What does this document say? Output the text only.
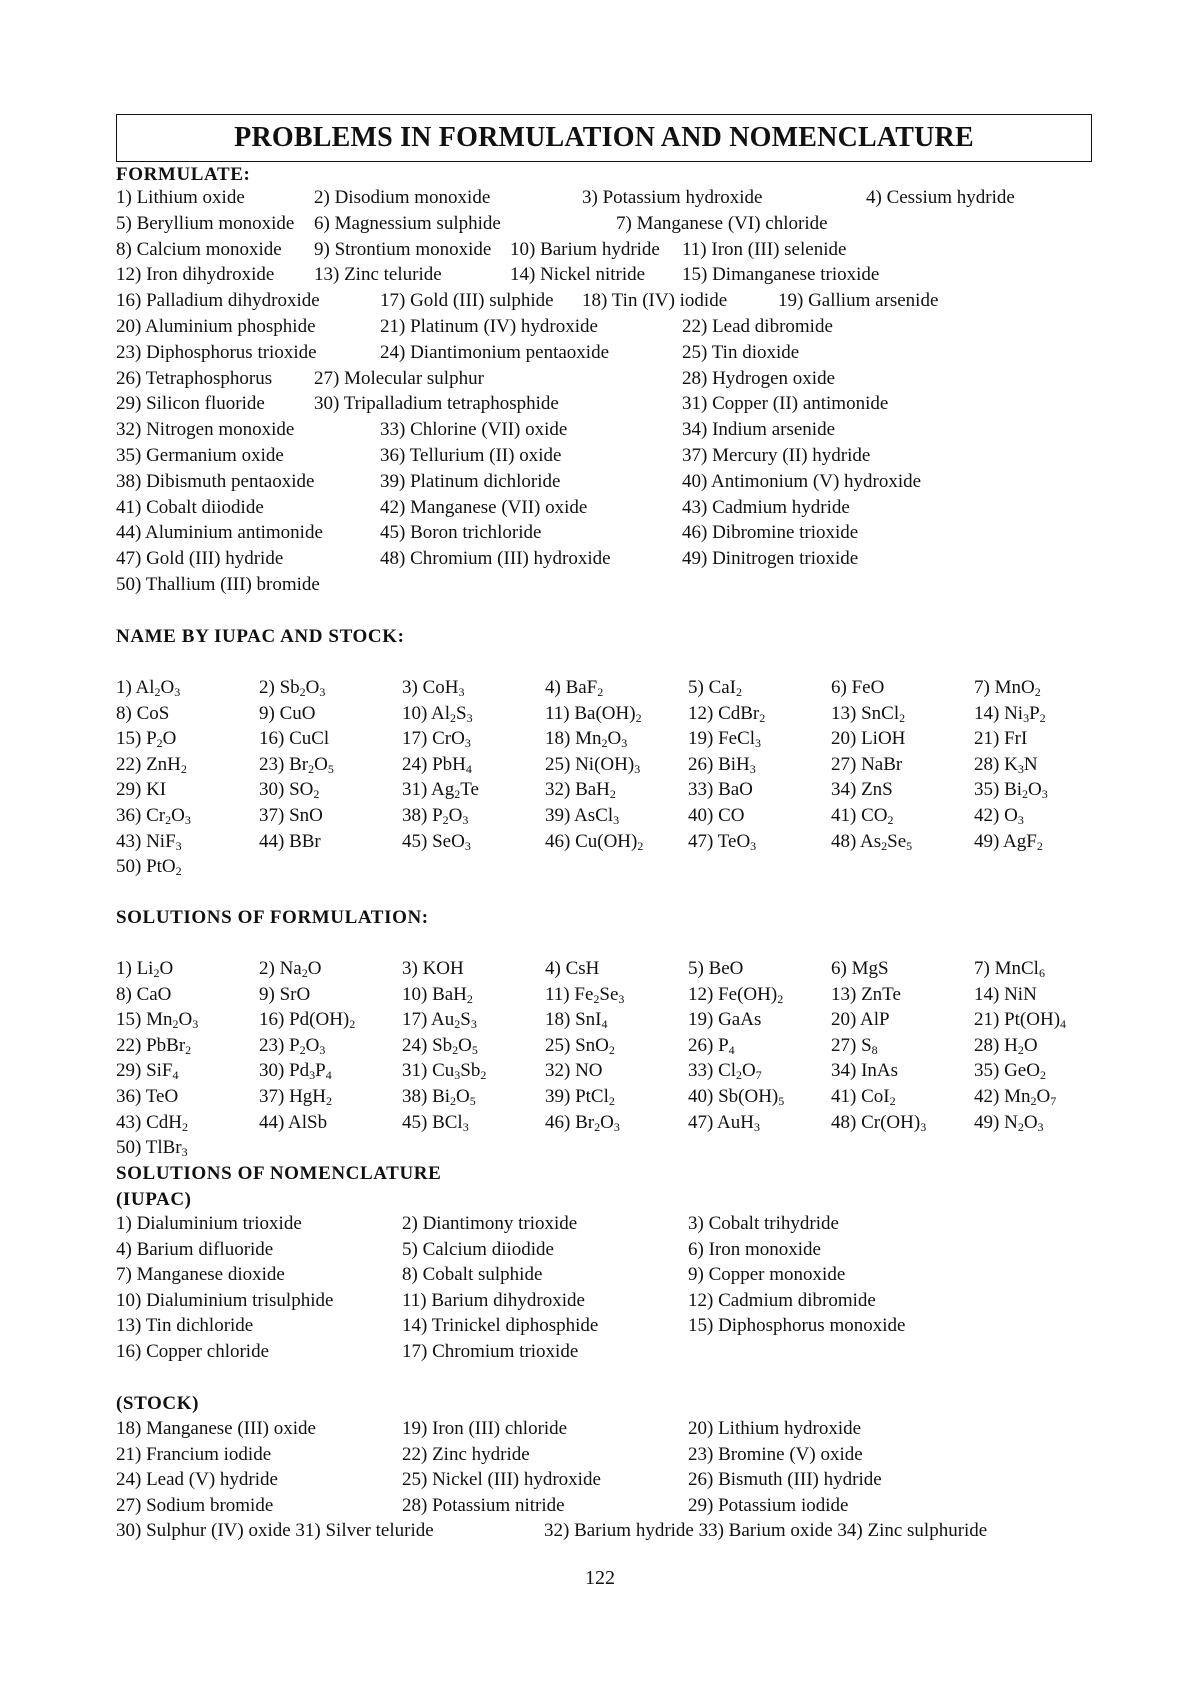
PROBLEMS IN FORMULATION AND NOMENCLATURE
FORMULATE:
NAME BY IUPAC AND STOCK:
SOLUTIONS OF FORMULATION:
SOLUTIONS OF NOMENCLATURE
(IUPAC)
(STOCK)
122
1) Lithium oxide	2) Disodium monoxide	3) Potassium hydroxide	4) Cessium hydride
5) Beryllium monoxide 6) Magnessium sulphide	7) Manganese (VI) chloride
8) Calcium monoxide 9) Strontium monoxide 10) Barium hydride 11) Iron (III) selenide
12) Iron dihydroxide 13) Zinc teluride	14) Nickel nitride 15) Dimanganese trioxide
16) Palladium dihydroxide	17) Gold (III) sulphide 18) Tin (IV) iodide	19) Gallium arsenide
20) Aluminium phosphide	21) Platinum (IV) hydroxide	22) Lead dibromide
23) Diphosphorus trioxide	24) Diantimonium pentaoxide	25) Tin dioxide
26) Tetraphosphorus 27) Molecular sulphur	28) Hydrogen oxide
29) Silicon fluoride	30) Tripalladium tetraphosphide	31) Copper (II) antimonide
32) Nitrogen monoxide	33) Chlorine (VII) oxide	34) Indium arsenide
35) Germanium oxide	36) Tellurium (II) oxide	37) Mercury (II) hydride
38) Dibismuth pentaoxide	39) Platinum dichloride	40) Antimonium (V) hydroxide
41) Cobalt diiodide	42) Manganese (VII) oxide	43) Cadmium hydride
44) Aluminium antimonide	45) Boron trichloride	46) Dibromine trioxide
47) Gold (III) hydride	48) Chromium (III) hydroxide	49) Dinitrogen trioxide
50) Thallium (III) bromide
1) $Al_2O_3$	2) $Sb_2O_3$	3) CoH$_3$	4) BaF$_2$	5) CaI$_2$	6) FeO	7) MnO$_2$
8) CoS	9) CuO	10) $Al_2S_3$	11) $Ba(OH)_2$ 12) CdBr$_2$	13) SnCl$_2$	14) $Ni_3P_2$
15) $P_2O$	16) CuCl	17) CrO$_3$	18) $Mn_2O_3$	19) FeCl$_3$	20) LiOH	21) FrI
22) ZnH$_2$	23) $Br_2O_5$	24) PbH$_4$	25) $Ni(OH)_3$	26) BiH$_3$	27) NaBr	28) $K_3N$
29) KI	30) $SO_2$	31) $Ag_2Te$	32) BaH$_2$	33) BaO	34) ZnS	35) $Bi_2O_3$
36) $Cr_2O_3$	37) SnO	38) $P_2O_3$	39) AsCl$_3$	40) CO	41) $CO_2$	42) $O_3$
43) NiF$_3$	44) BBr	45) SeO$_3$	46) $Cu(OH)_2$ 47) TeO$_3$	48) $As_2Se_5$	49) AgF$_2$
50) PtO$_2$
1) $Li_2O$	2) $Na_2O$	3) KOH	4) CsH	5) BeO	6) MgS	7) MnCl$_6$
8) CaO	9) SrO	10) BaH$_2$	11) $Fe_2Se_3$	12) $Fe(OH)_2$	13) ZnTe	14) NiN
15) $Mn_2O_3$	16) $Pd(OH)_2$ 17) $Au_2S_3$	18) SnI$_4$	19) GaAs	20) AlP	21) $Pt(OH)_4$
22) PbBr$_2$	23) $P_2O_3$	24) $Sb_2O_5$	25) SnO$_2$	26) $P_4$	27) $S_8$	28) $H_2O$
29) SiF$_4$	30) $Pd_3P_4$	31) $Cu_3Sb_2$	32) NO	33) $Cl_2O_7$	34) InAs	35) GeO$_2$
36) TeO	37) HgH$_2$	38) $Bi_2O_5$	39) PtCl$_2$	40) $Sb(OH)_5$ 41) CoI$_2$	42) $Mn_2O_7$
43) CdH$_2$	44) AlSb	45) BCl$_3$	46) $Br_2O_3$	47) AuH$_3$	48) $Cr(OH)_3$	49) $N_2O_3$
50) TlBr$_3$
1) Dialuminium trioxide	2) Diantimony trioxide	3) Cobalt trihydride
4) Barium difluoride	5) Calcium diiodide	6) Iron monoxide
7) Manganese dioxide	8) Cobalt sulphide	9) Copper monoxide
10) Dialuminium trisulphide	11) Barium dihydroxide	12) Cadmium dibromide
13) Tin dichloride	14) Trinickel diphosphide	15) Diphosphorus monoxide
16) Copper chloride	17) Chromium trioxide
18) Manganese (III) oxide	19) Iron (III) chloride	20) Lithium hydroxide
21) Francium iodide	22) Zinc hydride	23) Bromine (V) oxide
24) Lead (V) hydride	25) Nickel (III) hydroxide	26) Bismuth (III) hydride
27) Sodium bromide	28) Potassium nitride	29) Potassium iodide
30) Sulphur (IV) oxide 31) Silver teluride	32) Barium hydride 33) Barium oxide 34) Zinc sulphuride
